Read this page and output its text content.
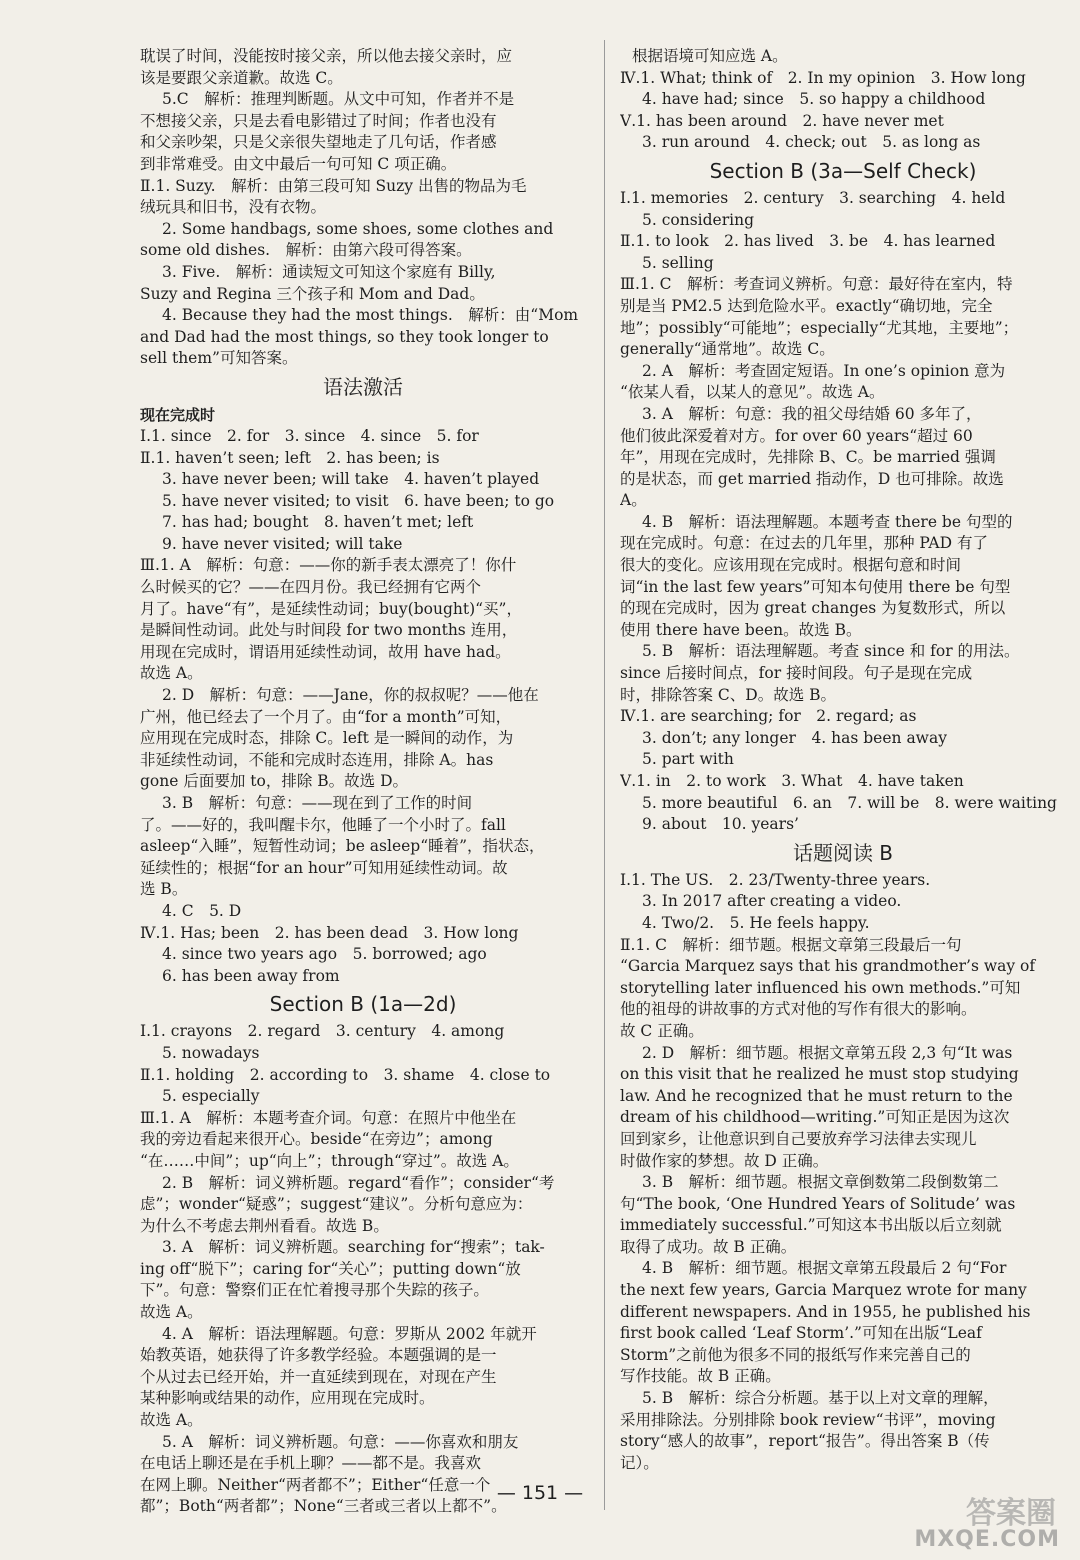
耽误了时间，没能按时接父亲，所以他去接父亲时，应

该是要跟父亲道歉。故选 C。

5.C　解析：推理判断题。从文中可知，作者并不是

不想接父亲，只是去看电影错过了时间；作者也没有

和父亲吵架，只是父亲很失望地走了几句话，作者感

到非常难受。由文中最后一句可知 C 项正确。

Ⅱ.1. Suzy.　解析：由第三段可知 Suzy 出售的物品为毛

绒玩具和旧书，没有衣物。

2. Some handbags, some shoes, some clothes and

some old dishes.　解析：由第六段可得答案。

3. Five.　解析：通读短文可知这个家庭有 Billy,

Suzy and Regina 三个孩子和 Mom and Dad。

4. Because they had the most things.　解析：由“Mom

and Dad had the most things, so they took longer to

sell them”可知答案。

语法激活
现在完成时

Ⅰ.1. since　2. for　3. since　4. since　5. for

Ⅱ.1. haven’t seen; left　2. has been; is

3. have never been; will take　4. haven’t played

5. have never visited; to visit　6. have been; to go

7. has had; bought　8. haven’t met; left

9. have never visited; will take

Ⅲ.1. A　解析：句意：——你的新手表太漂亮了！你什

么时候买的它？——在四月份。我已经拥有它两个

月了。have“有”，是延续性动词；buy(bought)“买”，

是瞬间性动词。此处与时间段 for two months 连用，

用现在完成时，谓语用延续性动词，故用 have had。

故选 A。

2. D　解析：句意：——Jane，你的叔叔呢？——他在

广州，他已经去了一个月了。由“for a month”可知，

应用现在完成时态，排除 C。left 是一瞬间的动作，为

非延续性动词，不能和完成时态连用，排除 A。has

gone 后面要加 to，排除 B。故选 D。

3. B　解析：句意：——现在到了工作的时间

了。——好的，我叫醒卡尔，他睡了一个小时了。fall

asleep“入睡”，短暂性动词；be asleep“睡着”，指状态，

延续性的；根据“for an hour”可知用延续性动词。故

选 B。

4. C　5. D

Ⅳ.1. Has; been　2. has been dead　3. How long

4. since two years ago　5. borrowed; ago

6. has been away from

Section B (1a—2d)

Ⅰ.1. crayons　2. regard　3. century　4. among

5. nowadays

Ⅱ.1. holding　2. according to　3. shame　4. close to

5. especially

Ⅲ.1. A　解析：本题考查介词。句意：在照片中他坐在

我的旁边看起来很开心。beside“在旁边”；among

“在……中间”；up“向上”；through“穿过”。故选 A。

2. B　解析：词义辨析题。regard“看作”；consider“考

虑”；wonder“疑惑”；suggest“建议”。分析句意应为：

为什么不考虑去荆州看看。故选 B。

3. A　解析：词义辨析题。searching for“搜索”；tak-

ing off“脱下”；caring for“关心”；putting down“放

下”。句意：警察们正在忙着搜寻那个失踪的孩子。

故选 A。

4. A　解析：语法理解题。句意：罗斯从 2002 年就开

始教英语，她获得了许多教学经验。本题强调的是一

个从过去已经开始，并一直延续到现在，对现在产生

某种影响或结果的动作，应用现在完成时。

故选 A。

5. A　解析：词义辨析题。句意：——你喜欢和朋友

在电话上聊还是在手机上聊？——都不是。我喜欢

在网上聊。Neither“两者都不”；Either“任意一个

都”；Both“两者都”；None“三者或三者以上都不”。

根据语境可知应选 A。

Ⅳ.1. What; think of　2. In my opinion　3. How long

4. have had; since　5. so happy a childhood

Ⅴ.1. has been around　2. have never met

3. run around　4. check; out　5. as long as

Section B (3a—Self Check)

Ⅰ.1. memories　2. century　3. searching　4. held

5. considering

Ⅱ.1. to look　2. has lived　3. be　4. has learned

5. selling

Ⅲ.1. C　解析：考查词义辨析。句意：最好待在室内，特

别是当 PM2.5 达到危险水平。exactly“确切地，完全

地”；possibly“可能地”；especially“尤其地，主要地”；

generally“通常地”。故选 C。

2. A　解析：考查固定短语。In one’s opinion 意为

“依某人看，以某人的意见”。故选 A。

3. A　解析：句意：我的祖父母结婚 60 多年了，

他们彼此深爱着对方。for over 60 years“超过 60

年”，用现在完成时，先排除 B、C。be married 强调

的是状态，而 get married 指动作，D 也可排除。故选

A。

4. B　解析：语法理解题。本题考查 there be 句型的

现在完成时。句意：在过去的几年里，那种 PAD 有了

很大的变化。应该用现在完成时。根据句意和时间

词“in the last few years”可知本句使用 there be 句型

的现在完成时，因为 great changes 为复数形式，所以

使用 there have been。故选 B。

5. B　解析：语法理解题。考查 since 和 for 的用法。

since 后接时间点，for 接时间段。句子是现在完成

时，排除答案 C、D。故选 B。

Ⅳ.1. are searching; for　2. regard; as

3. don’t; any longer　4. has been away

5. part with

Ⅴ.1. in　2. to work　3. What　4. have taken

5. more beautiful　6. an　7. will be　8. were waiting

9. about　10. years’

话题阅读 B

Ⅰ.1. The US.　2. 23/Twenty-three years.

3. In 2017 after creating a video.

4. Two/2.　5. He feels happy.

Ⅱ.1. C　解析：细节题。根据文章第三段最后一句

“Garcia Marquez says that his grandmother’s way of

storytelling later influenced his own methods.”可知

他的祖母的讲故事的方式对他的写作有很大的影响。

故 C 正确。

2. D　解析：细节题。根据文章第五段 2,3 句“It was

on this visit that he realized he must stop studying

law. And he recognized that he must return to the

dream of his childhood—writing.”可知正是因为这次

回到家乡，让他意识到自己要放弃学习法律去实现儿

时做作家的梦想。故 D 正确。

3. B　解析：细节题。根据文章倒数第二段倒数第二

句“The book, ‘One Hundred Years of Solitude’ was

immediately successful.”可知这本书出版以后立刻就

取得了成功。故 B 正确。

4. B　解析：细节题。根据文章第五段最后 2 句“For

the next few years, Garcia Marquez wrote for many

different newspapers. And in 1955, he published his

first book called ‘Leaf Storm’.”可知在出版“Leaf

Storm”之前他为很多不同的报纸写作来完善自己的

写作技能。故 B 正确。

5. B　解析：综合分析题。基于以上对文章的理解，

采用排除法。分别排除 book review“书评”，moving

story“感人的故事”，report“报告”。得出答案 B（传

记）。

— 151 —
答案圈
MXQE.COM
